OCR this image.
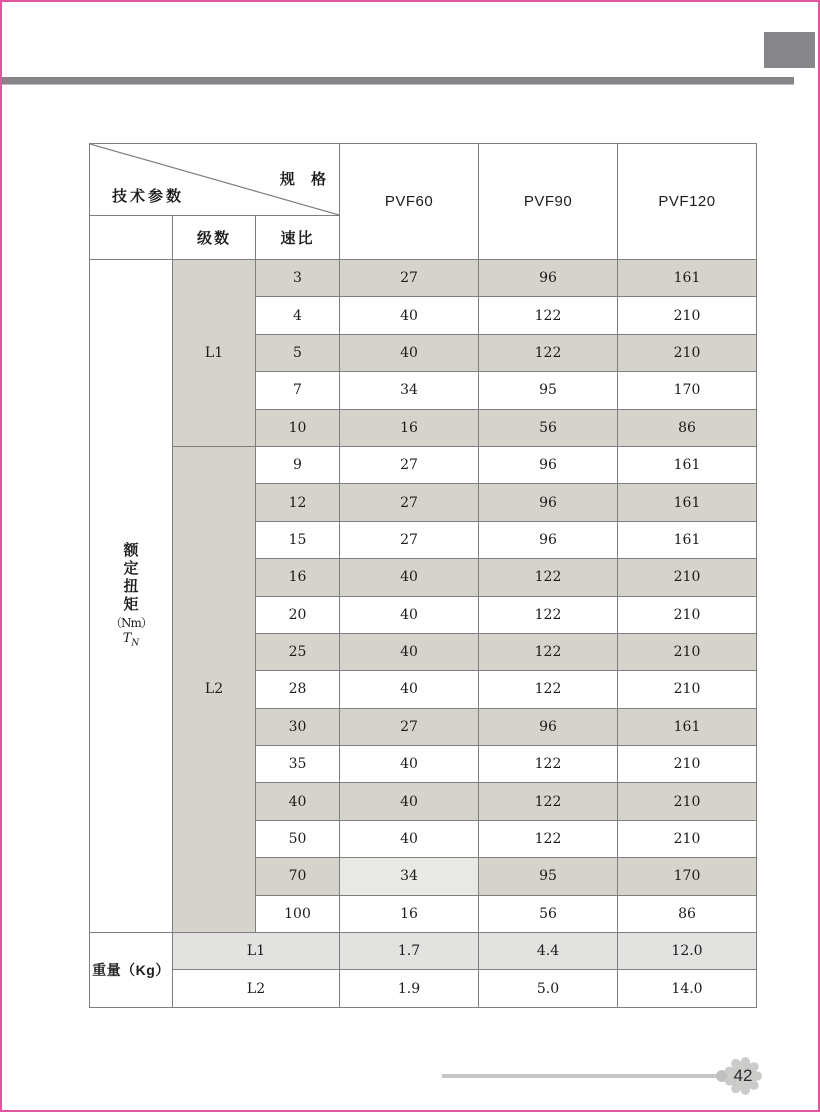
规 格
技术参数			PVF60	PVF90	PVF120
	级数	速比			

额
定
扭
矩
（Nm）
$T_N$
	L1	3	27	96	161
		4	40	122	210
		5	40	122	210
		7	34	95	170
		10	16	56	86
	L2	9	27	96	161
		12	27	96	161
		15	27	96	161
		16	40	122	210
		20	40	122	210
		25	40	122	210
		28	40	122	210
		30	27	96	161
		35	40	122	210
		40	40	122	210
		50	40	122	210
		70	34	95	170
		100	16	56	86
重量（Kg）	L1		1.7	4.4	12.0
	L2		1.9	5.0	14.0
42
